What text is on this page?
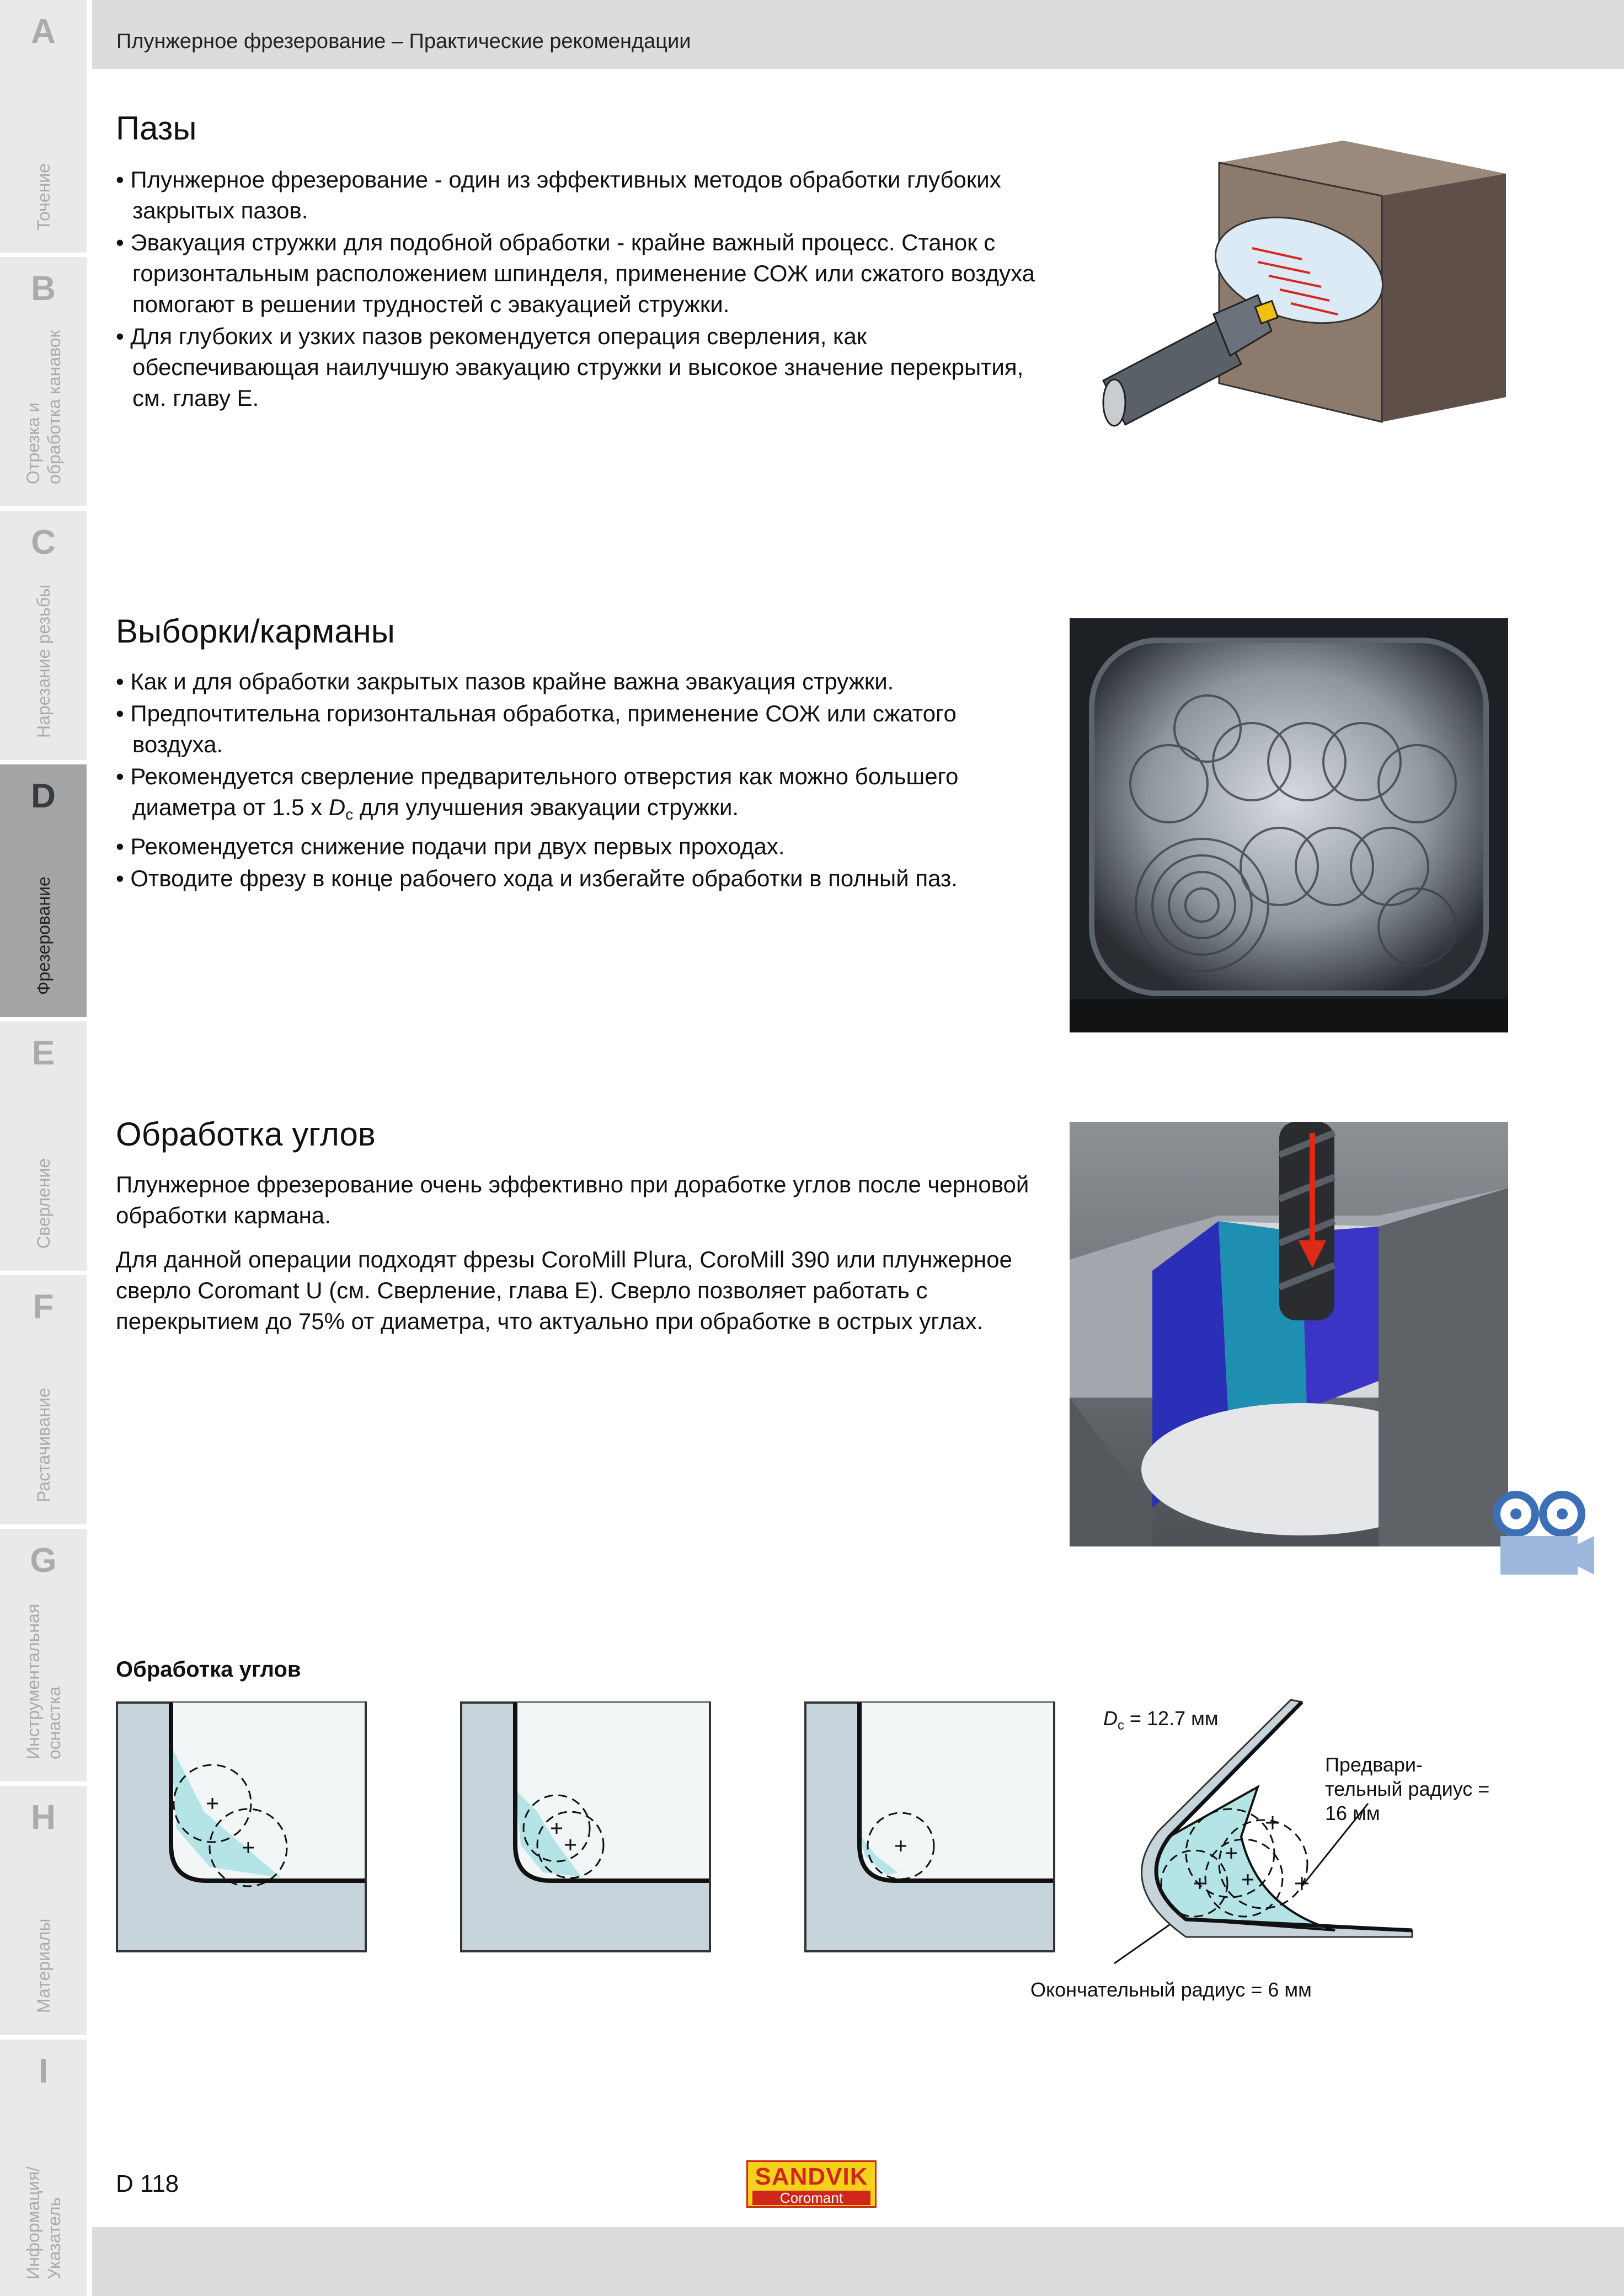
A
Точение
B
Отрезка и
обработка канавок
C
Нарезание резьбы
D
Фрезерование
E
Сверление
F
Растачивание
G
Инструментальная
оснастка
H
Материалы
I
Информация/
Указатель
Плунжерное фрезерование – Практические рекомендации
Пазы
• Плунжерное фрезерование - один из эффективных методов обработки глубоких закрытых пазов.
• Эвакуация стружки для подобной обработки - крайне важный процесс. Станок с горизонтальным расположением шпинделя, применение СОЖ или сжатого воздуха помогают в решении трудностей с эвакуацией стружки.
• Для глубоких и узких пазов рекомендуется операция сверления, как обеспечивающая наилучшую эвакуацию стружки и высокое значение перекрытия, см. главу E.
Выборки/карманы
• Как и для обработки закрытых пазов крайне важна эвакуация стружки.
• Предпочтительна горизонтальная обработка, применение СОЖ или сжатого воздуха.
• Рекомендуется сверление предварительного отверстия как можно большего диаметра от 1.5 x $D_c$ для улучшения эвакуации стружки.
• Рекомендуется снижение подачи при двух первых проходах.
• Отводите фрезу в конце рабочего хода и избегайте обработки в полный паз.
Обработка углов
Плунжерное фрезерование очень эффективно при доработке углов после черновой обработки кармана.
Для данной операции подходят фрезы CoroMill Plura, CoroMill 390 или плунжерное сверло Coromant U (см. Сверление, глава E). Сверло позволяет работать с перекрытием до 75% от диаметра, что актуально при обработке в острых углах.
Обработка углов
$D_c = 12.7$ мм
Предвари-
тельный радиус =
16 мм
Окончательный радиус = 6 мм
D 118	SANDVIK
Coromant
